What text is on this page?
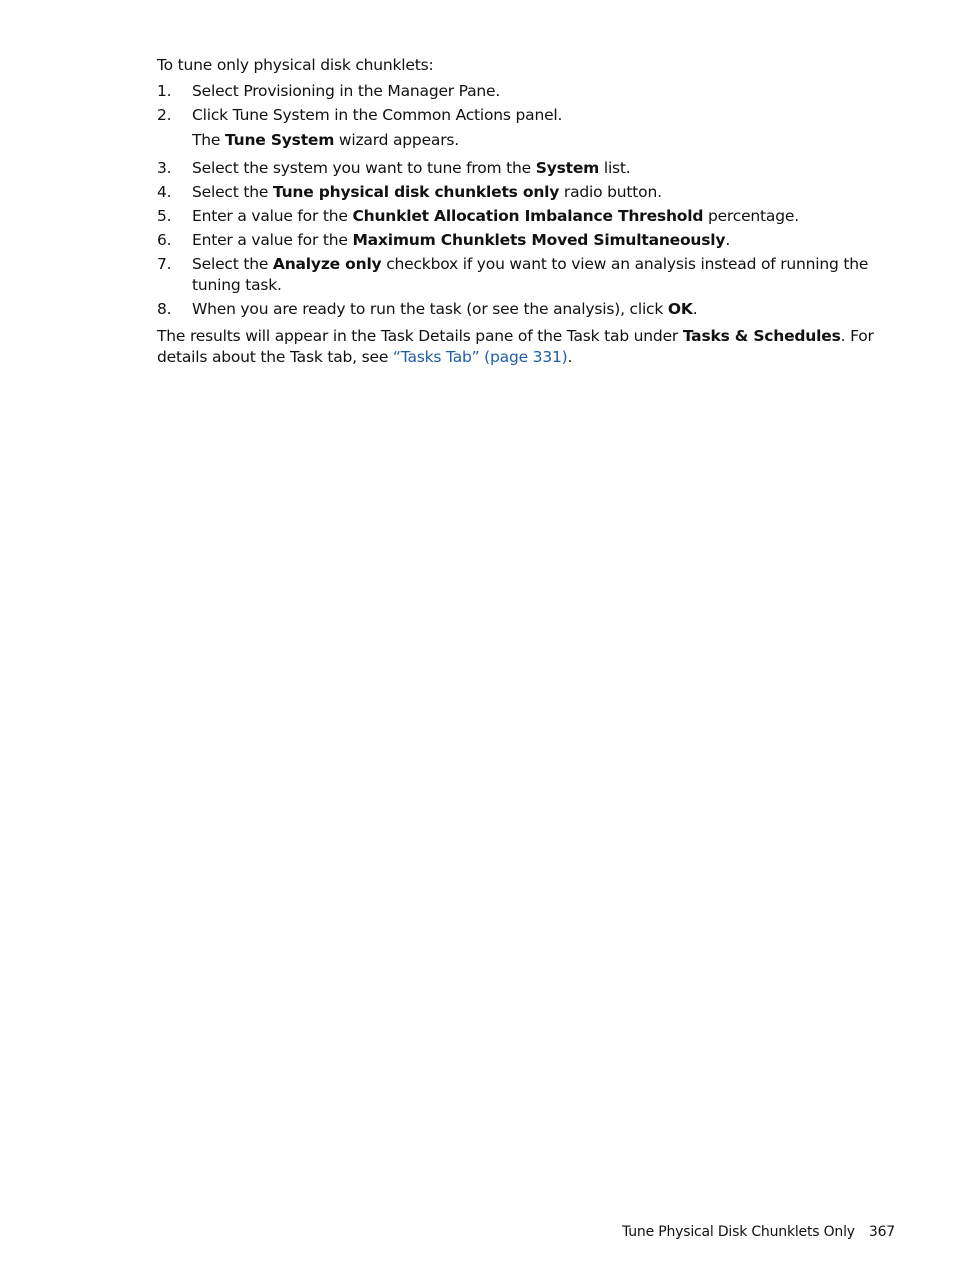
To tune only physical disk chunklets:

1. Select Provisioning in the Manager Pane.
2. Click Tune System in the Common Actions panel.
The Tune System wizard appears.
3. Select the system you want to tune from the System list.
4. Select the Tune physical disk chunklets only radio button.
5. Enter a value for the Chunklet Allocation Imbalance Threshold percentage.
6. Enter a value for the Maximum Chunklets Moved Simultaneously.
7. Select the Analyze only checkbox if you want to view an analysis instead of running the tuning task.
8. When you are ready to run the task (or see the analysis), click OK.

The results will appear in the Task Details pane of the Task tab under Tasks & Schedules. For details about the Task tab, see “Tasks Tab” (page 331).

Tune Physical Disk Chunklets Only 367
